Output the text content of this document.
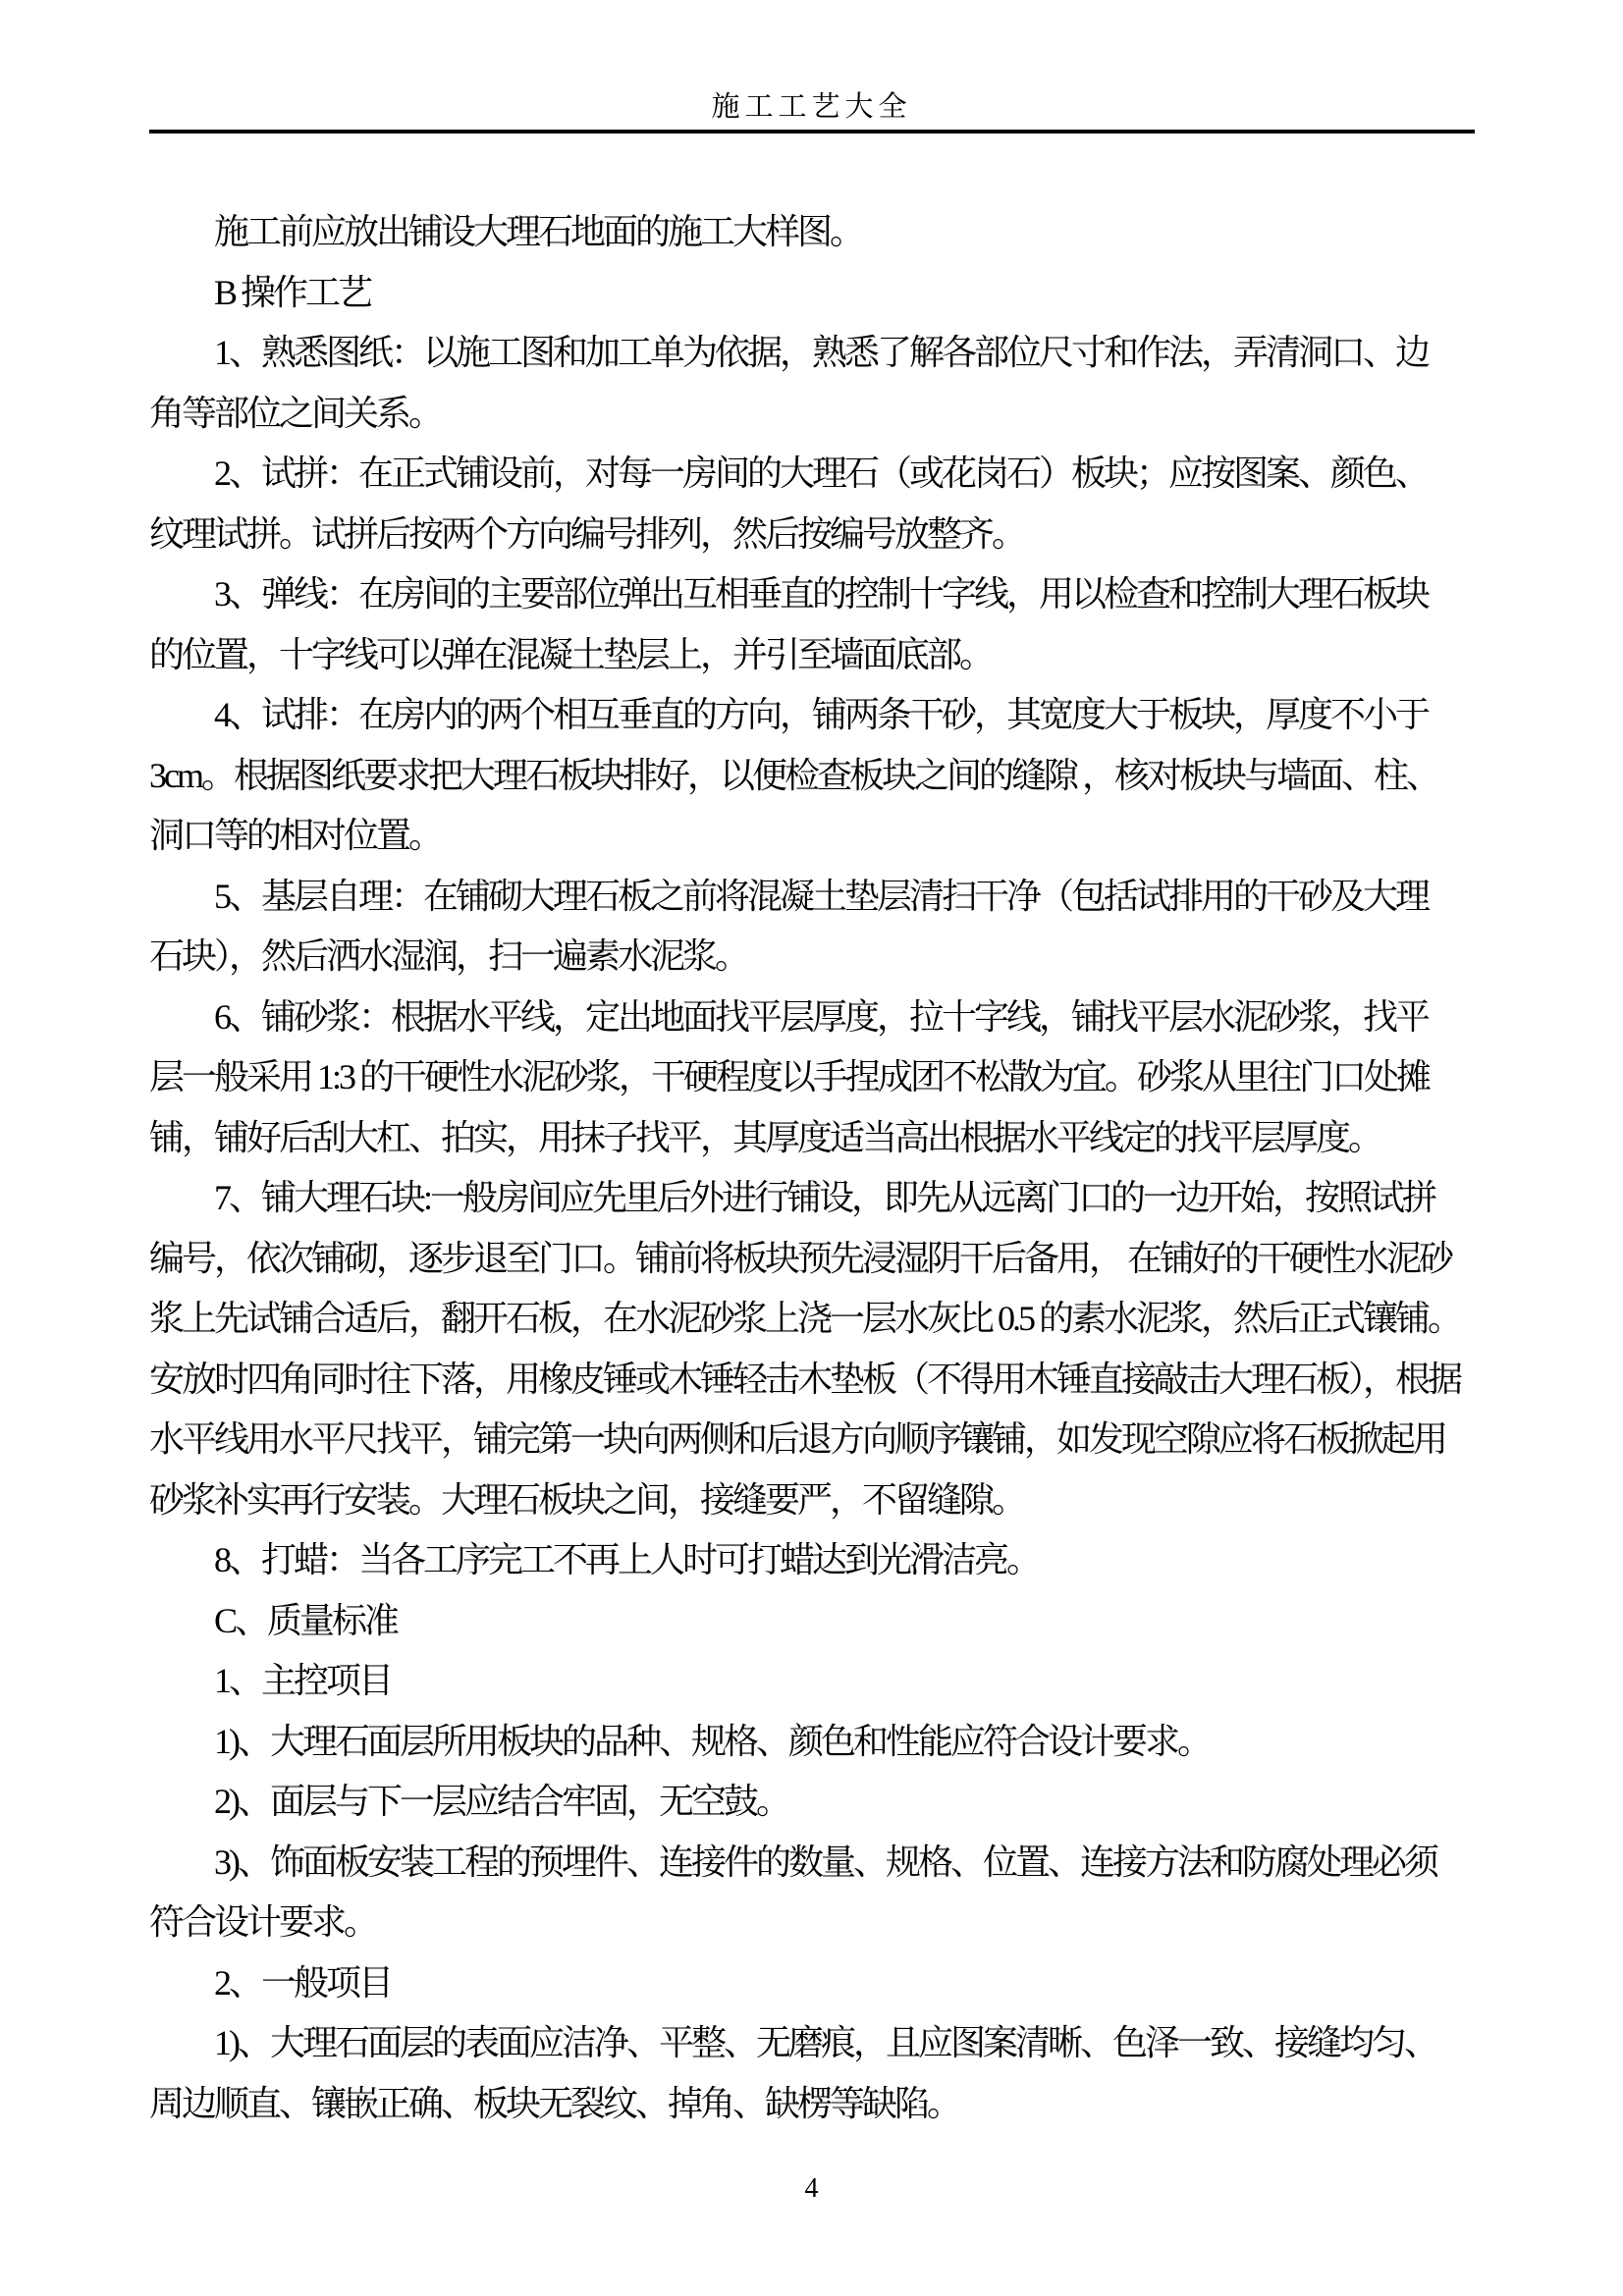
施工工艺大全
施工前应放出铺设大理石地面的施工大样图。
B 操作工艺
1、熟悉图纸：以施工图和加工单为依据，熟悉了解各部位尺寸和作法，弄清洞口、边
角等部位之间关系。
2、试拼：在正式铺设前，对每一房间的大理石（或花岗石）板块；应按图案、颜色、
纹理试拼。试拼后按两个方向编号排列，然后按编号放整齐。
3、弹线：在房间的主要部位弹出互相垂直的控制十字线，用以检查和控制大理石板块
的位置，十字线可以弹在混凝土垫层上，并引至墙面底部。
4、试排：在房内的两个相互垂直的方向，铺两条干砂，其宽度大于板块，厚度不小于
3cm。根据图纸要求把大理石板块排好，以便检查板块之间的缝隙 ，核对板块与墙面、柱、
洞口等的相对位置。
5、基层自理：在铺砌大理石板之前将混凝土垫层清扫干净（包括试排用的干砂及大理
石块），然后洒水湿润，扫一遍素水泥浆。
6、铺砂浆：根据水平线，定出地面找平层厚度，拉十字线，铺找平层水泥砂浆，找平
层一般采用 1:3 的干硬性水泥砂浆，干硬程度以手捏成团不松散为宜。砂浆从里往门口处摊
铺，铺好后刮大杠、拍实，用抹子找平，其厚度适当高出根据水平线定的找平层厚度。
7、铺大理石块:一般房间应先里后外进行铺设，即先从远离门口的一边开始，按照试拼
编号，依次铺砌，逐步退至门口。铺前将板块预先浸湿阴干后备用， 在铺好的干硬性水泥砂
浆上先试铺合适后，翻开石板，在水泥砂浆上浇一层水灰比 0.5 的素水泥浆，然后正式镶铺。
安放时四角同时往下落，用橡皮锤或木锤轻击木垫板（不得用木锤直接敲击大理石板），根据
水平线用水平尺找平，铺完第一块向两侧和后退方向顺序镶铺，如发现空隙应将石板掀起用
砂浆补实再行安装。大理石板块之间，接缝要严，不留缝隙。
8、打蜡：当各工序完工不再上人时可打蜡达到光滑洁亮。
C、质量标准
1、主控项目
1)、大理石面层所用板块的品种、规格、颜色和性能应符合设计要求。
2)、面层与下一层应结合牢固，无空鼓。
3)、饰面板安装工程的预埋件、连接件的数量、规格、位置、连接方法和防腐处理必须
符合设计要求。
2、一般项目
1)、大理石面层的表面应洁净、平整、无磨痕，且应图案清晰、色泽一致、接缝均匀、
周边顺直、镶嵌正确、板块无裂纹、掉角、缺楞等缺陷。
4
